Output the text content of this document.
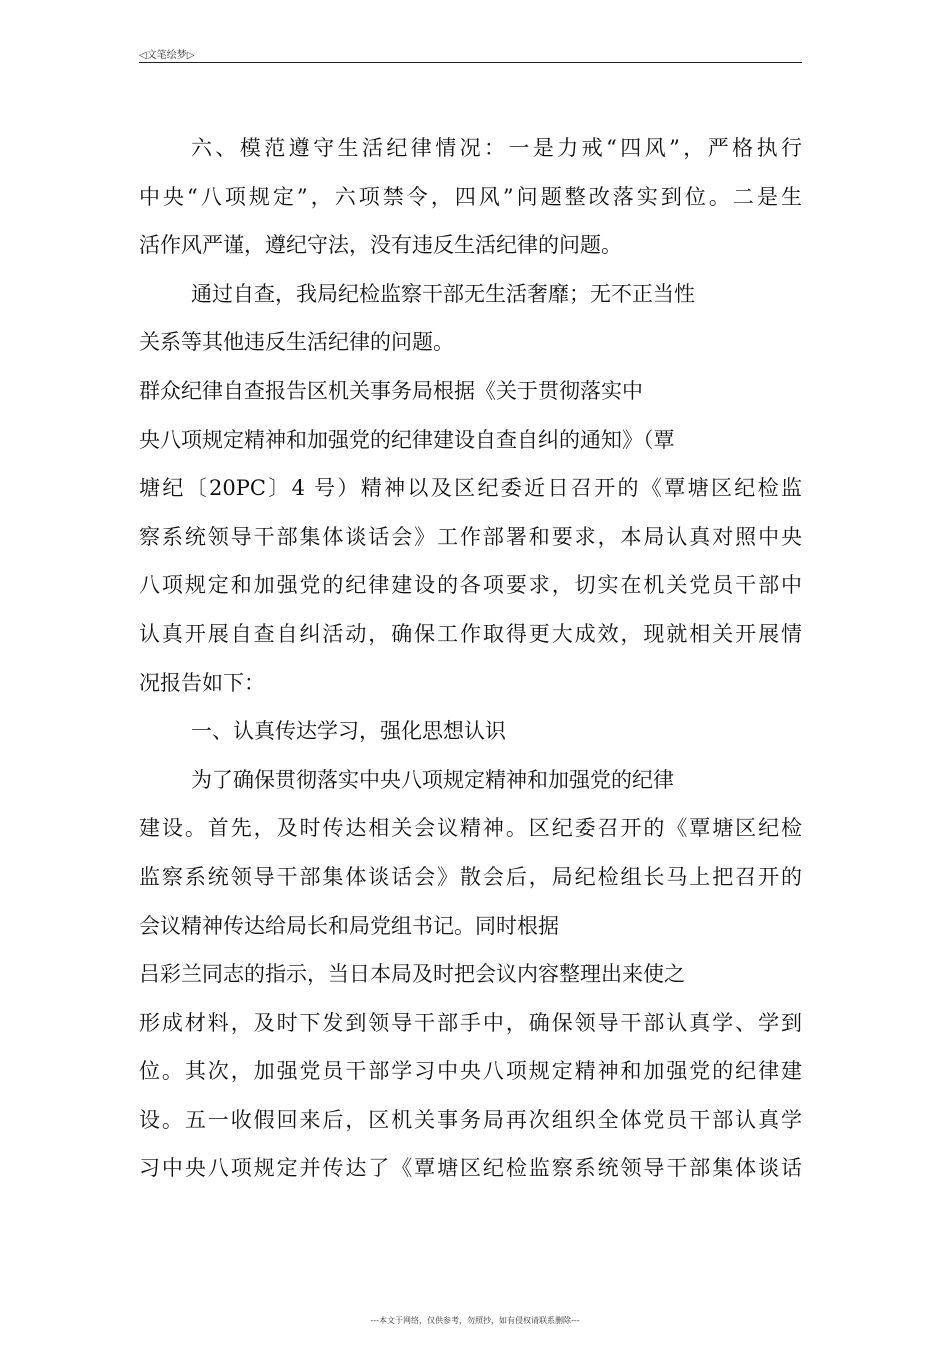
◁文笔绘梦▷
六、模范遵守生活纪律情况：一是力戒“四风”，严格执行
中央“八项规定”，六项禁令，四风”问题整改落实到位。二是生
活作风严谨，遵纪守法，没有违反生活纪律的问题。
通过自查，我局纪检监察干部无生活奢靡；无不正当性
关系等其他违反生活纪律的问题。
群众纪律自查报告区机关事务局根据《关于贯彻落实中
央八项规定精神和加强党的纪律建设自查自纠的通知》（覃
塘纪〔20PC〕4 号）精神以及区纪委近日召开的《覃塘区纪检监
察系统领导干部集体谈话会》工作部署和要求，本局认真对照中央
八项规定和加强党的纪律建设的各项要求，切实在机关党员干部中
认真开展自查自纠活动，确保工作取得更大成效，现就相关开展情
况报告如下：
一、认真传达学习，强化思想认识
为了确保贯彻落实中央八项规定精神和加强党的纪律
建设。首先，及时传达相关会议精神。区纪委召开的《覃塘区纪检
监察系统领导干部集体谈话会》散会后，局纪检组长马上把召开的
会议精神传达给局长和局党组书记。同时根据
吕彩兰同志的指示，当日本局及时把会议内容整理出来使之
形成材料，及时下发到领导干部手中，确保领导干部认真学、学到
位。其次，加强党员干部学习中央八项规定精神和加强党的纪律建
设。五一收假回来后，区机关事务局再次组织全体党员干部认真学
习中央八项规定并传达了《覃塘区纪检监察系统领导干部集体谈话
---本文于网络，仅供参考，勿照抄，如有侵权请联系删除---
